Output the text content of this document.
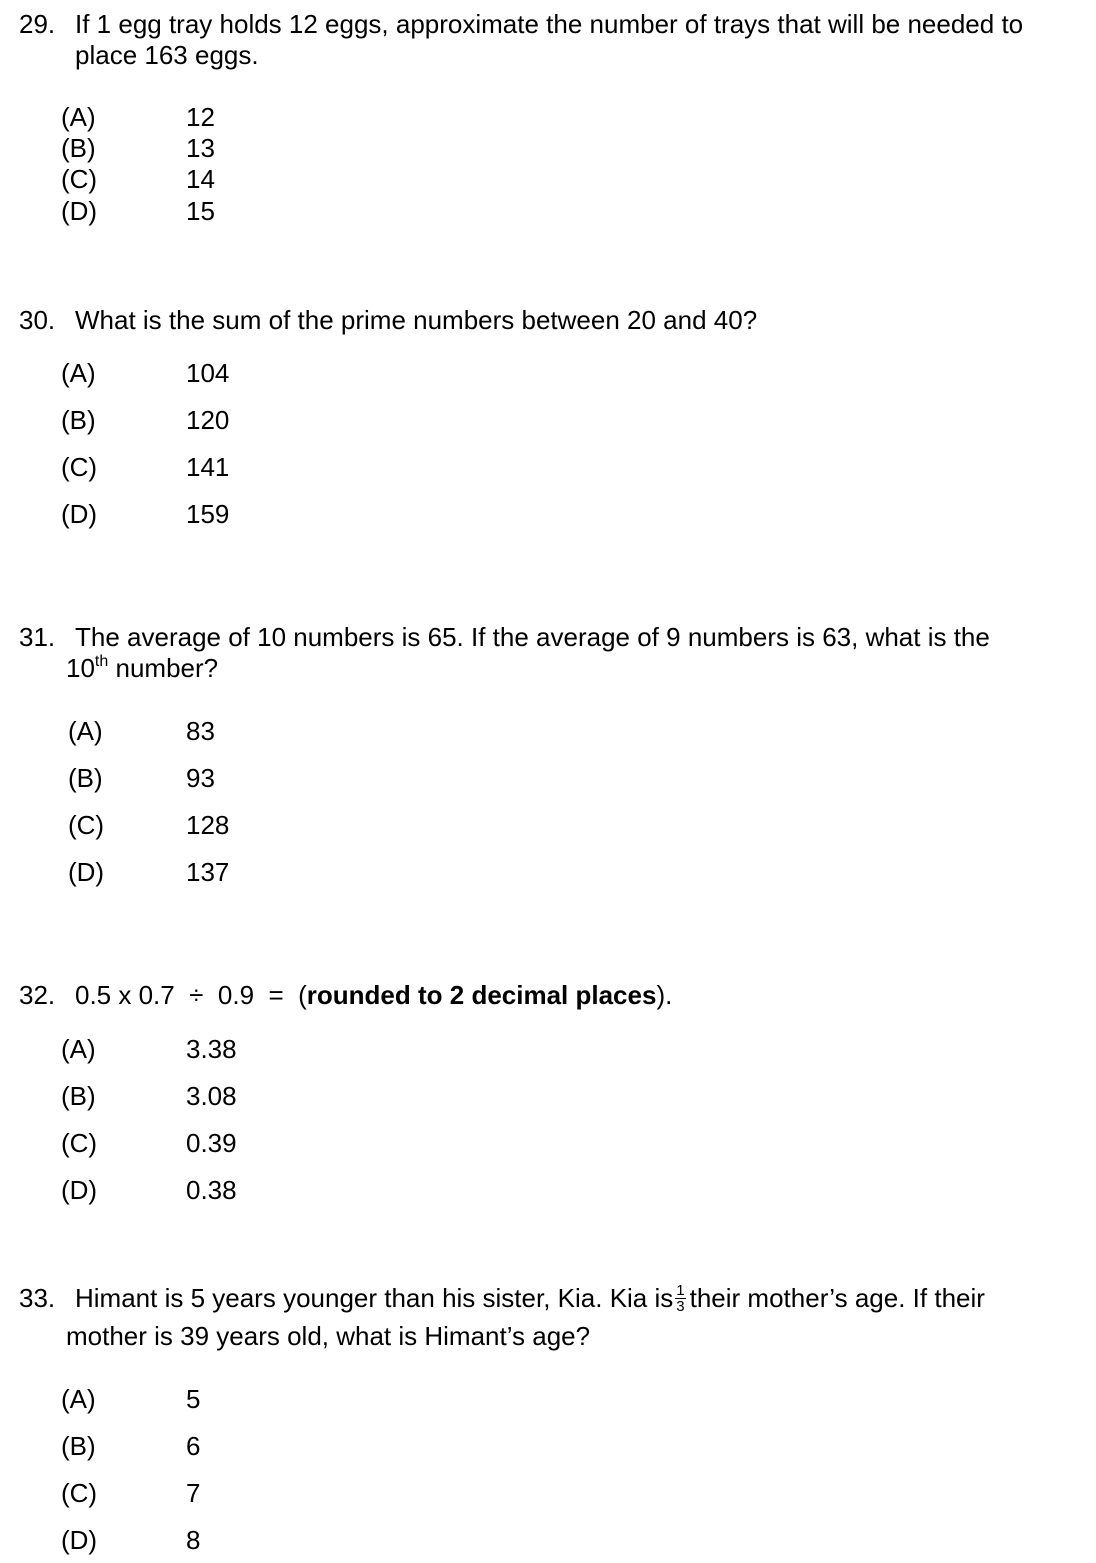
29. If 1 egg tray holds 12 eggs, approximate the number of trays that will be needed to
place 163 eggs.
(A)	12
(B)	13
(C)	14
(D)	15
30. What is the sum of the prime numbers between 20 and 40?
(A)	104
(B)	120
(C)	141
(D)	159
31. The average of 10 numbers is 65. If the average of 9 numbers is 63, what is the
10th number?
(A)	83
(B)	93
(C)	128
(D)	137
32. 0.5 x 0.7  ÷  0.9  =  (rounded to 2 decimal places).
(A)	3.38
(B)	3.08
(C)	0.39
(D)	0.38
33. Himant is 5 years younger than his sister, Kia. Kia is $\frac{1}{3}$ their mother’s age. If their
mother is 39 years old, what is Himant’s age?
(A)	5
(B)	6
(C)	7
(D)	8
